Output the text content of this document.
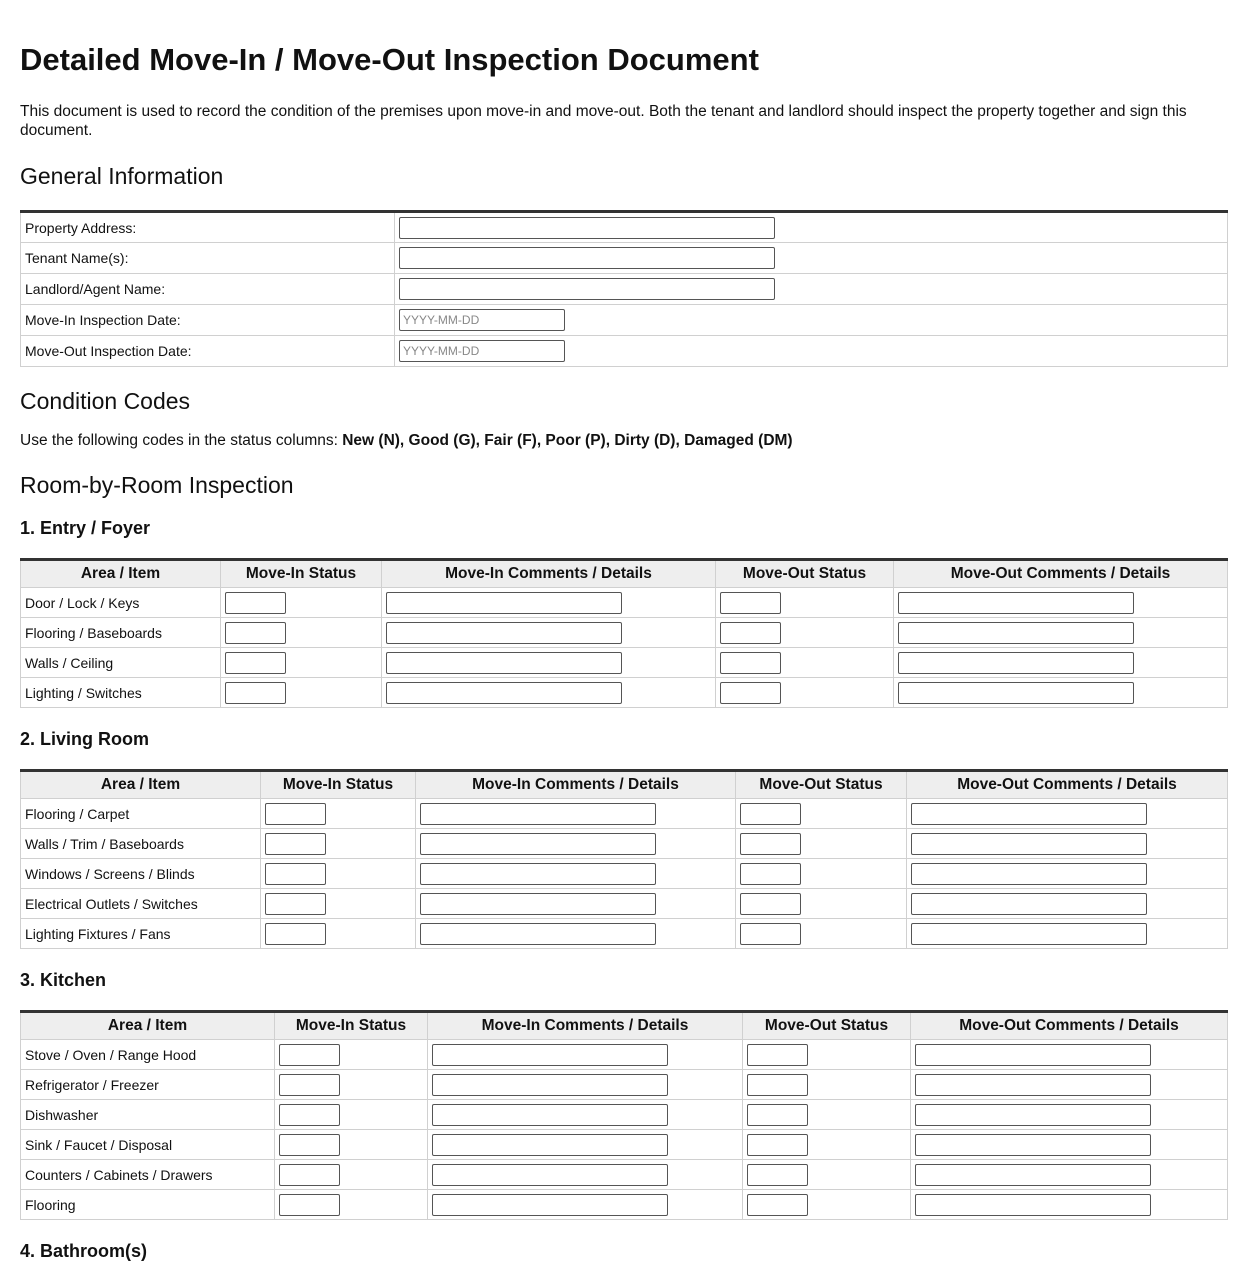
Detailed Move-In / Move-Out Inspection Document
This document is used to record the condition of the premises upon move-in and move-out. Both the tenant and landlord should inspect the property together and sign this document.
General Information
Property Address:	

Tenant Name(s):	

Landlord/Agent Name:	

Move-In Inspection Date:	
YYYY-MM-DD
Move-Out Inspection Date:	
YYYY-MM-DD
Condition Codes
Use the following codes in the status columns: New (N), Good (G), Fair (F), Poor (P), Dirty (D), Damaged (DM)
Room-by-Room Inspection
1. Entry / Foyer
Area / Item	Move-In Status	Move-In Comments / Details	Move-Out Status	Move-Out Comments / Details
Door / Lock / Keys	

Flooring / Baseboards	

Walls / Ceiling	

Lighting / Switches	

2. Living Room
Area / Item	Move-In Status	Move-In Comments / Details	Move-Out Status	Move-Out Comments / Details
Flooring / Carpet	

Walls / Trim / Baseboards	

Windows / Screens / Blinds	

Electrical Outlets / Switches	

Lighting Fixtures / Fans	

3. Kitchen
Area / Item	Move-In Status	Move-In Comments / Details	Move-Out Status	Move-Out Comments / Details
Stove / Oven / Range Hood	

Refrigerator / Freezer	

Dishwasher	

Sink / Faucet / Disposal	

Counters / Cabinets / Drawers	

Flooring	

4. Bathroom(s)
